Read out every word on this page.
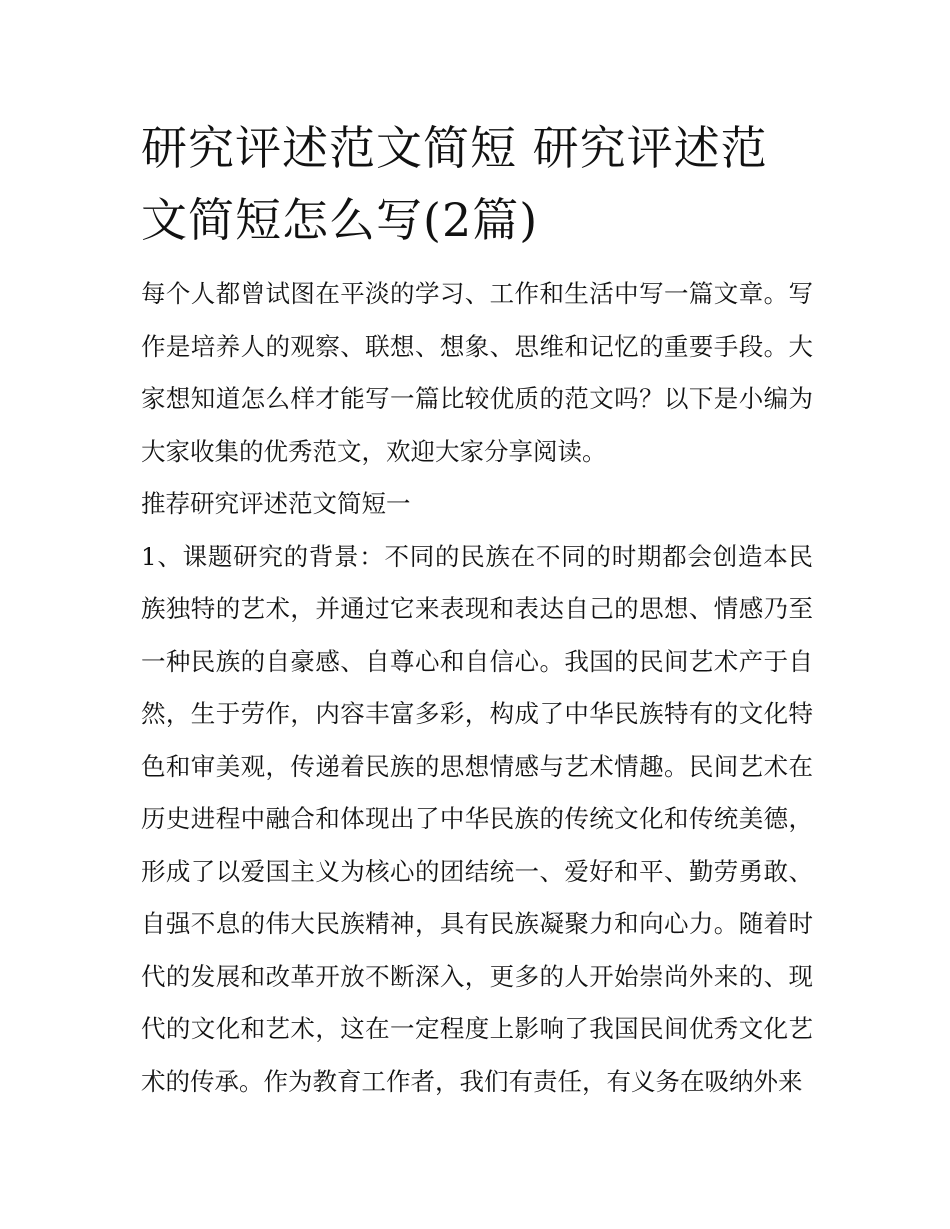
研究评述范文简短 研究评述范文简短怎么写(2篇)

每个人都曾试图在平淡的学习、工作和生活中写一篇文章。写作是培养人的观察、联想、想象、思维和记忆的重要手段。大家想知道怎么样才能写一篇比较优质的范文吗？以下是小编为大家收集的优秀范文，欢迎大家分享阅读。

推荐研究评述范文简短一

1、课题研究的背景：不同的民族在不同的时期都会创造本民族独特的艺术，并通过它来表现和表达自己的思想、情感乃至一种民族的自豪感、自尊心和自信心。我国的民间艺术产于自然，生于劳作，内容丰富多彩，构成了中华民族特有的文化特色和审美观，传递着民族的思想情感与艺术情趣。民间艺术在历史进程中融合和体现出了中华民族的传统文化和传统美德，形成了以爱国主义为核心的团结统一、爱好和平、勤劳勇敢、自强不息的伟大民族精神，具有民族凝聚力和向心力。随着时代的发展和改革开放不断深入，更多的人开始崇尚外来的、现代的文化和艺术，这在一定程度上影响了我国民间优秀文化艺术的传承。作为教育工作者，我们有责任，有义务在吸纳外来
